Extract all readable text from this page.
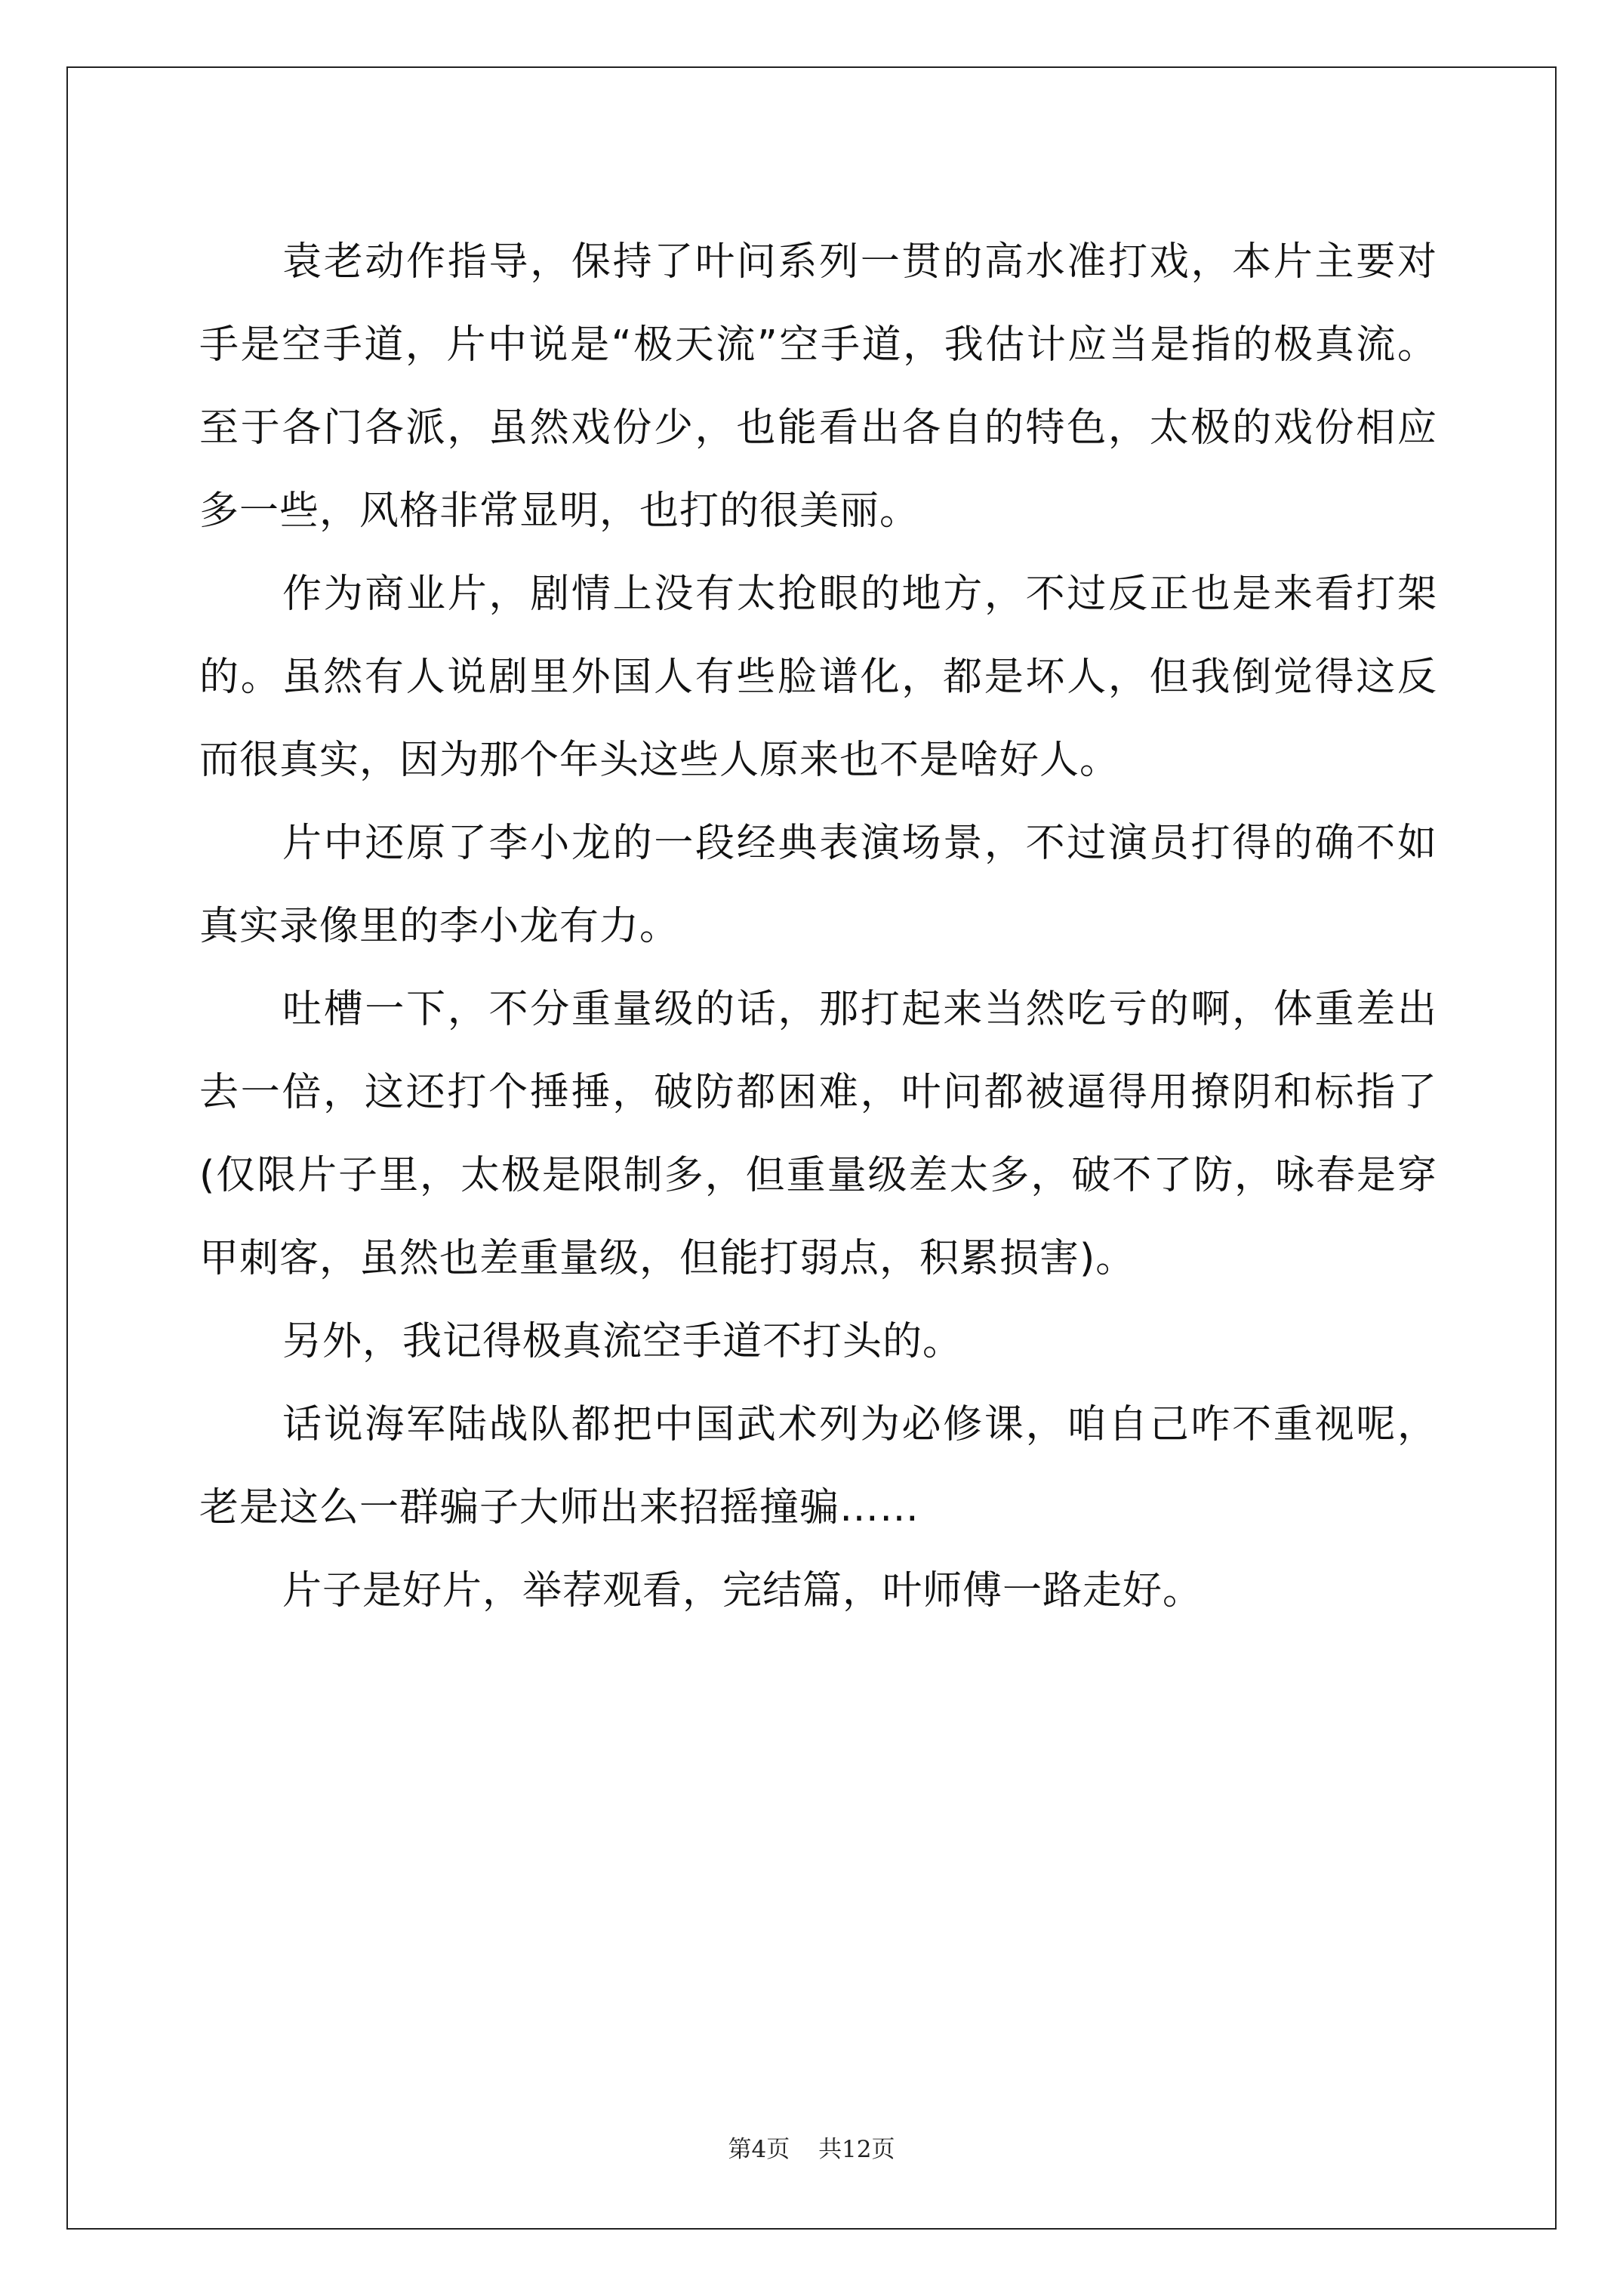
袁老动作指导，保持了叶问系列一贯的高水准打戏，本片主要对手是空手道，片中说是“极天流”空手道，我估计应当是指的极真流。至于各门各派，虽然戏份少，也能看出各自的特色，太极的戏份相应多一些，风格非常显明，也打的很美丽。

作为商业片，剧情上没有太抢眼的地方，不过反正也是来看打架的。虽然有人说剧里外国人有些脸谱化，都是坏人，但我倒觉得这反而很真实，因为那个年头这些人原来也不是啥好人。

片中还原了李小龙的一段经典表演场景，不过演员打得的确不如真实录像里的李小龙有力。

吐槽一下，不分重量级的话，那打起来当然吃亏的啊，体重差出去一倍，这还打个捶捶，破防都困难，叶问都被逼得用撩阴和标指了(仅限片子里，太极是限制多，但重量级差太多，破不了防，咏春是穿甲刺客，虽然也差重量级，但能打弱点，积累损害)。

另外，我记得极真流空手道不打头的。

话说海军陆战队都把中国武术列为必修课，咱自己咋不重视呢，老是这么一群骗子大师出来招摇撞骗……

片子是好片，举荐观看，完结篇，叶师傅一路走好。

第4页 共12页
